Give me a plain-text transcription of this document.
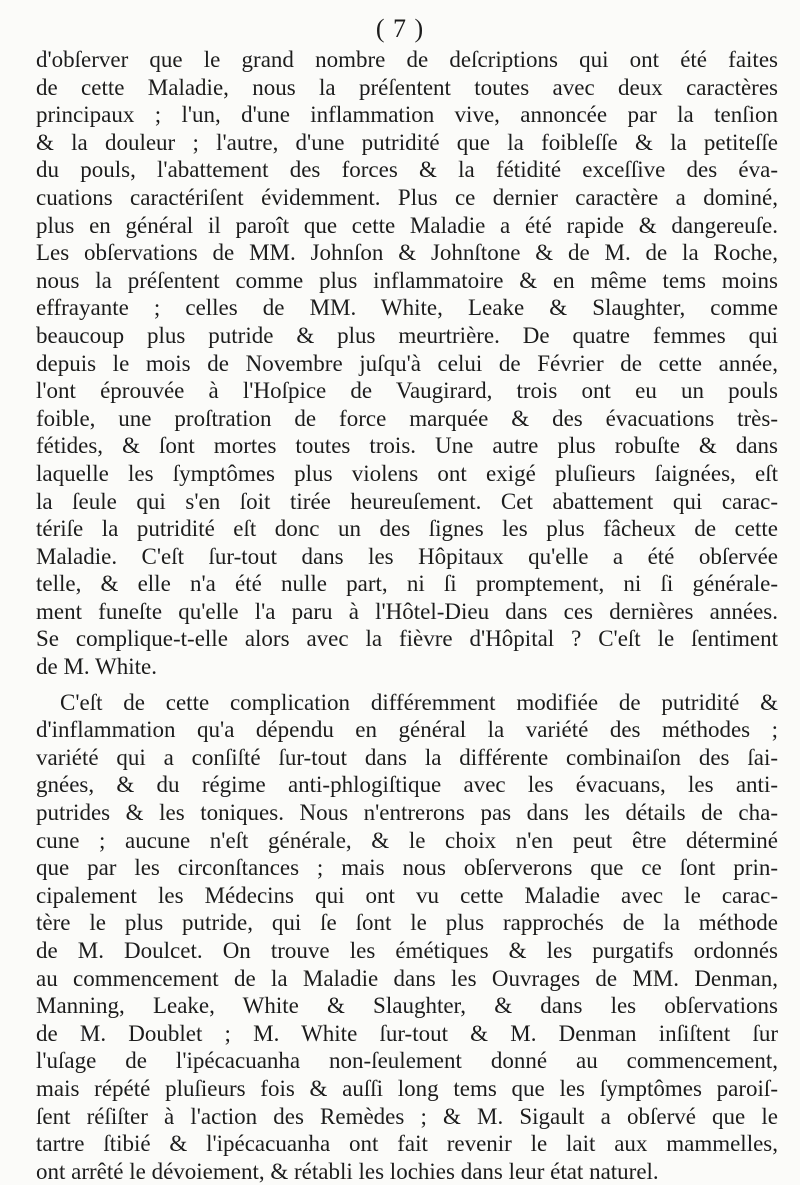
( 7 )
d'obſerver que le grand nombre de deſcriptions qui ont été faites
de cette Maladie, nous la préſentent toutes avec deux caractères
principaux ; l'un, d'une inflammation vive, annoncée par la tenſion
& la douleur ; l'autre, d'une putridité que la foibleſſe & la petiteſſe
du pouls, l'abattement des forces & la fétidité exceſſive des éva-
cuations caractériſent évidemment. Plus ce dernier caractère a dominé,
plus en général il paroît que cette Maladie a été rapide & dangereuſe.
Les obſervations de MM. Johnſon & Johnſtone & de M. de la Roche,
nous la préſentent comme plus inflammatoire & en même tems moins
effrayante ; celles de MM. White, Leake & Slaughter, comme
beaucoup plus putride & plus meurtrière. De quatre femmes qui
depuis le mois de Novembre juſqu'à celui de Février de cette année,
l'ont éprouvée à l'Hoſpice de Vaugirard, trois ont eu un pouls
foible, une proſtration de force marquée & des évacuations très-
fétides, & ſont mortes toutes trois. Une autre plus robuſte & dans
laquelle les ſymptômes plus violens ont exigé pluſieurs ſaignées, eſt
la ſeule qui s'en ſoit tirée heureuſement. Cet abattement qui carac-
tériſe la putridité eſt donc un des ſignes les plus fâcheux de cette
Maladie. C'eſt ſur-tout dans les Hôpitaux qu'elle a été obſervée
telle, & elle n'a été nulle part, ni ſi promptement, ni ſi générale-
ment funeſte qu'elle l'a paru à l'Hôtel-Dieu dans ces dernières années.
Se complique-t-elle alors avec la fièvre d'Hôpital ? C'eſt le ſentiment
de M. White.
C'eſt de cette complication différemment modifiée de putridité &
d'inflammation qu'a dépendu en général la variété des méthodes ;
variété qui a conſiſté ſur-tout dans la différente combinaiſon des ſai-
gnées, & du régime anti-phlogiſtique avec les évacuans, les anti-
putrides & les toniques. Nous n'entrerons pas dans les détails de cha-
cune ; aucune n'eſt générale, & le choix n'en peut être déterminé
que par les circonſtances ; mais nous obſerverons que ce ſont prin-
cipalement les Médecins qui ont vu cette Maladie avec le carac-
tère le plus putride, qui ſe ſont le plus rapprochés de la méthode
de M. Doulcet. On trouve les émétiques & les purgatifs ordonnés
au commencement de la Maladie dans les Ouvrages de MM. Denman,
Manning, Leake, White & Slaughter, & dans les obſervations
de M. Doublet ; M. White ſur-tout & M. Denman inſiſtent ſur
l'uſage de l'ipécacuanha non-ſeulement donné au commencement,
mais répété pluſieurs fois & auſſi long tems que les ſymptômes paroiſ-
ſent réſiſter à l'action des Remèdes ; & M. Sigault a obſervé que le
tartre ſtibié & l'ipécacuanha ont fait revenir le lait aux mammelles,
ont arrêté le dévoiement, & rétabli les lochies dans leur état naturel.
